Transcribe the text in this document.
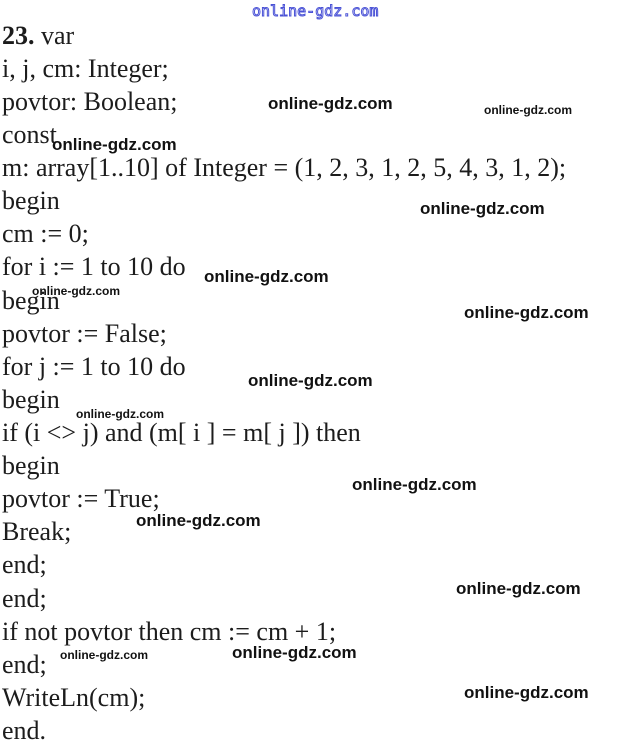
online-gdz.com
23. var
i, j, cm: Integer;
povtor: Boolean;
const
m: array[1..10] of Integer = (1, 2, 3, 1, 2, 5, 4, 3, 1, 2);
begin
cm := 0;
for i := 1 to 10 do
begin
povtor := False;
for j := 1 to 10 do
begin
if (i <> j) and (m[ i ] = m[ j ]) then
begin
povtor := True;
Break;
end;
end;
if not povtor then cm := cm + 1;
end;
WriteLn(cm);
end.
online-gdz.com	online-gdz.com
online-gdz.com
online-gdz.com
online-gdz.com
online-gdz.com
online-gdz.com
online-gdz.com
online-gdz.com
online-gdz.com
online-gdz.com
online-gdz.com
online-gdz.com
online-gdz.com
online-gdz.com
